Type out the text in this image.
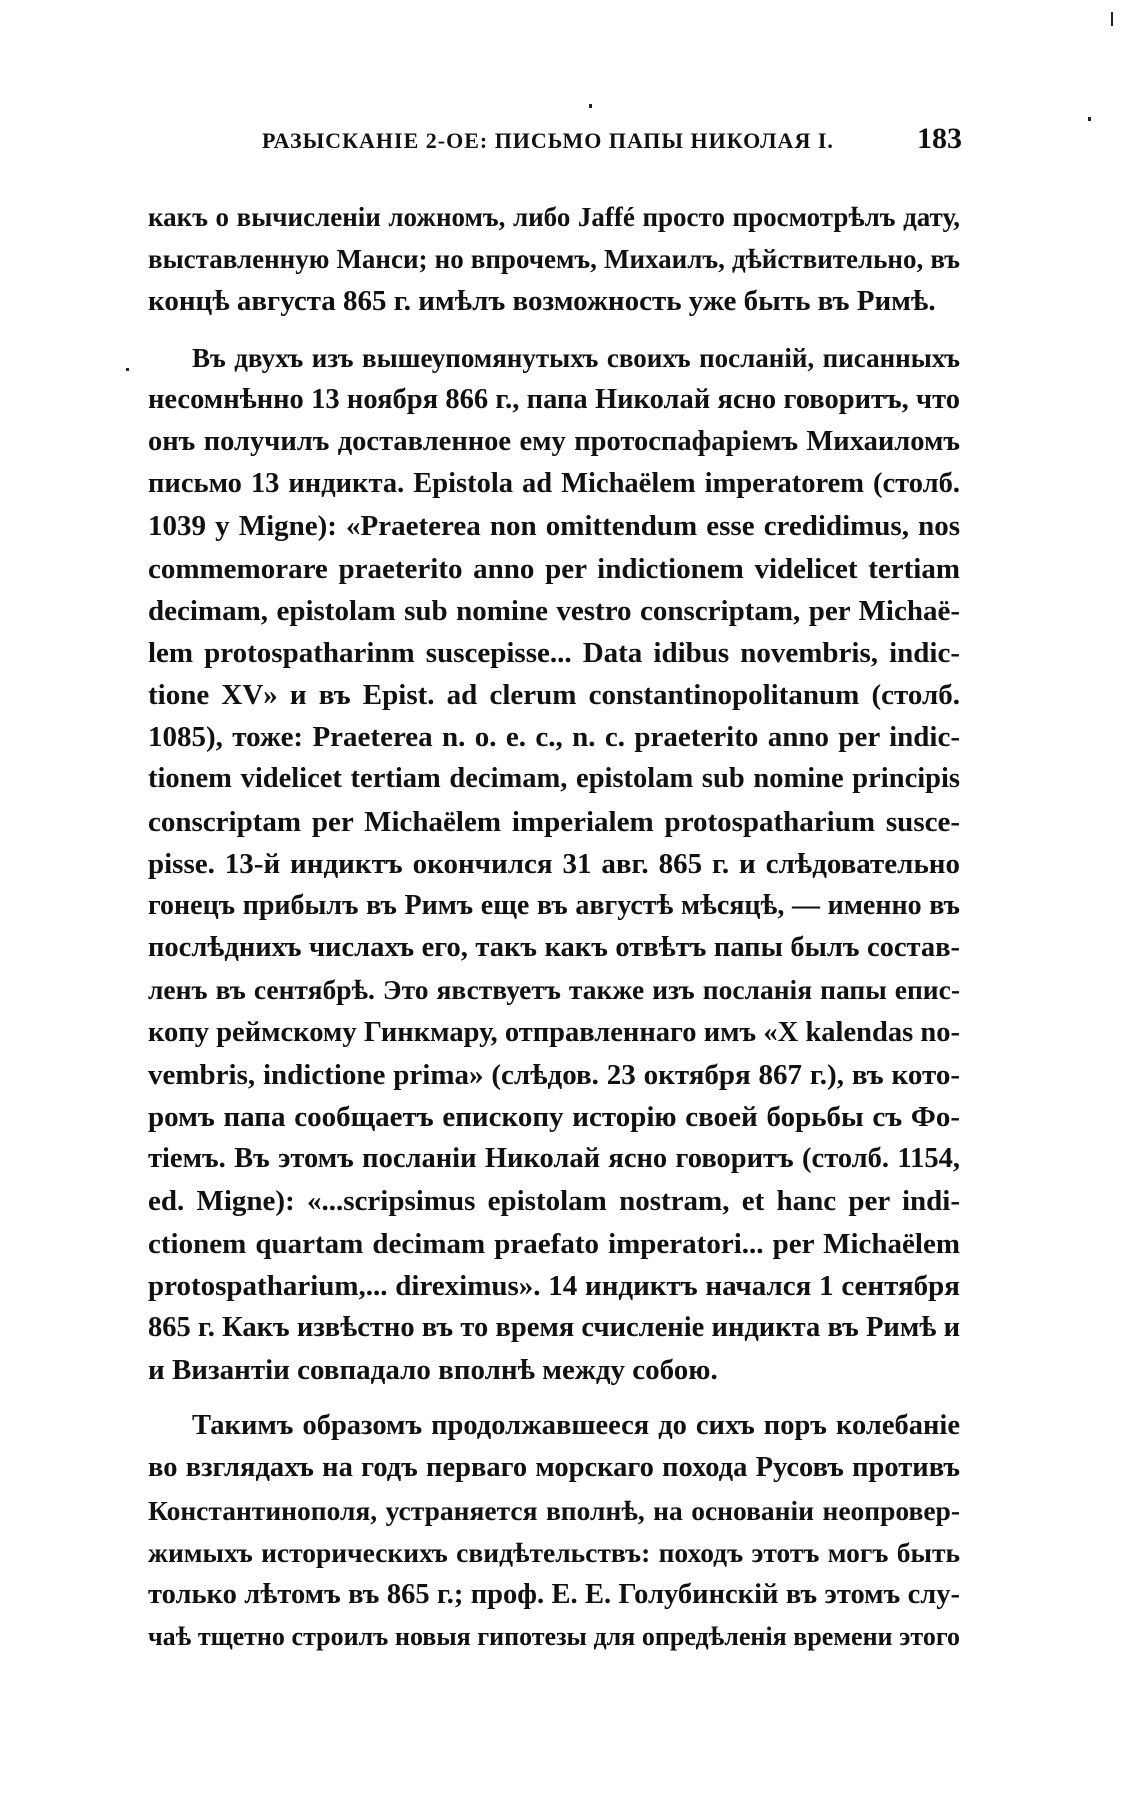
РАЗЫСКАНІЕ 2-ОЕ: ПИСЬМО ПАПЫ НИКОЛАЯ I.	183
какъ о вычисленіи ложномъ, либо Jaffé просто просмотрѣлъ дату,
выставленную Манси; но впрочемъ, Михаилъ, дѣйствительно, въ
концѣ августа 865 г. имѣлъ возможность уже быть въ Римѣ.
Въ двухъ изъ вышеупомянутыхъ своихъ посланій, писанныхъ
несомнѣнно 13 ноября 866 г., папа Николай ясно говоритъ, что
онъ получилъ доставленное ему протоспафаріемъ Михаиломъ
письмо 13 индикта. Epistola ad Michaëlem imperatorem (столб.
1039 у Migne): «Praeterea non omittendum esse credidimus, nos
commemorare praeterito anno per indictionem videlicet tertiam
decimam, epistolam sub nomine vestro conscriptam, per Michaë-
lem protospatharinm suscepisse... Data idibus novembris, indic-
tione XV» и въ Epist. ad clerum constantinopolitanum (столб.
1085), тоже: Praeterea n. o. e. c., n. c. praeterito anno per indic-
tionem videlicet tertiam decimam, epistolam sub nomine principis
conscriptam per Michaëlem imperialem protospatharium susce-
pisse. 13-й индиктъ окончился 31 авг. 865 г. и слѣдовательно
гонецъ прибылъ въ Римъ еще въ августѣ мѣсяцѣ, — именно въ
послѣднихъ числахъ его, такъ какъ отвѣтъ папы былъ состав-
ленъ въ сентябрѣ. Это явствуетъ также изъ посланія папы епис-
копу реймскому Гинкмару, отправленнаго имъ «X kalendas no-
vembris, indictione prima» (слѣдов. 23 октября 867 г.), въ кото-
ромъ папа сообщаетъ епископу исторію своей борьбы съ Фо-
тіемъ. Въ этомъ посланіи Николай ясно говоритъ (столб. 1154,
ed. Migne): «...scripsimus epistolam nostram, et hanc per indi-
ctionem quartam decimam praefato imperatori... per Michaëlem
protospatharium,... direximus». 14 индиктъ начался 1 сентября
865 г. Какъ извѣстно въ то время счисленіе индикта въ Римѣ и
и Византіи совпадало вполнѣ между собою.
Такимъ образомъ продолжавшееся до сихъ поръ колебаніе
во взглядахъ на годъ перваго морскаго похода Русовъ противъ
Константинополя, устраняется вполнѣ, на основаніи неопровер-
жимыхъ историческихъ свидѣтельствъ: походъ этотъ могъ быть
только лѣтомъ въ 865 г.; проф. Е. Е. Голубинскій въ этомъ слу-
чаѣ тщетно строилъ новыя гипотезы для опредѣленія времени этого
